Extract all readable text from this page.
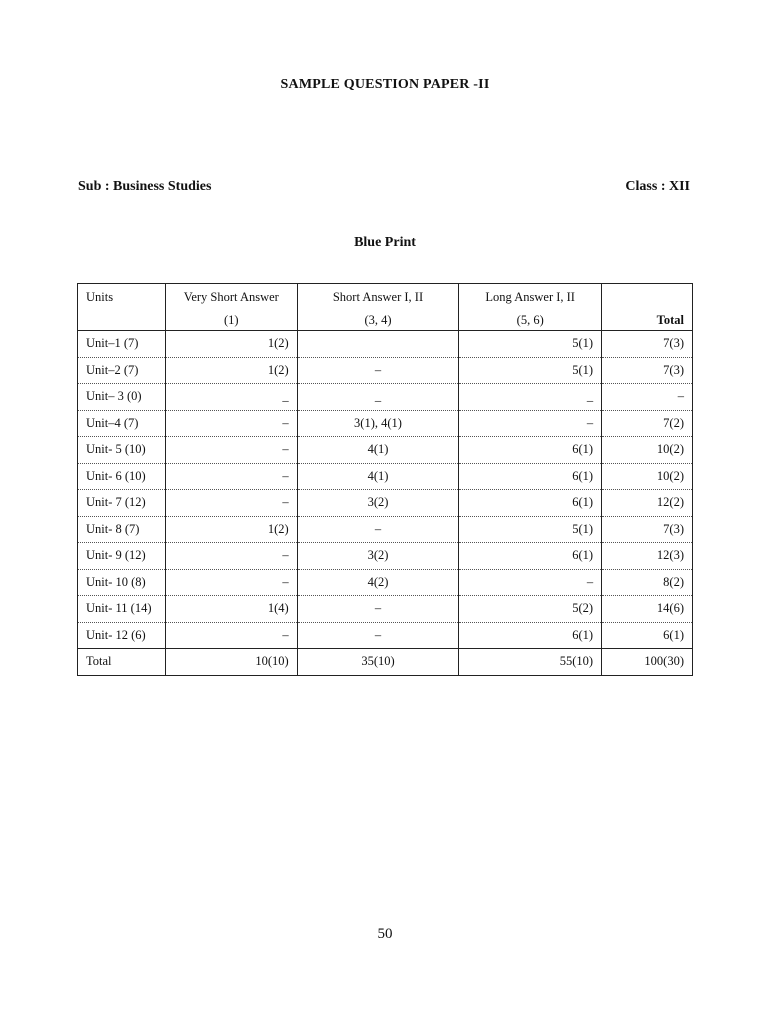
SAMPLE QUESTION PAPER -II
Sub : Business Studies	Class : XII
Blue Print
Units	Very Short Answer	Short Answer I, II	Long Answer I, II	
	(1)	(3, 4)	(5, 6)	Total
Unit–1 (7)	1(2)		5(1)	7(3)
Unit–2 (7)	1(2)	–	5(1)	7(3)
Unit– 3 (0)	_	_	_	–
Unit–4 (7)	–	3(1), 4(1)	–	7(2)
Unit- 5 (10)	–	4(1)	6(1)	10(2)
Unit- 6 (10)	–	4(1)	6(1)	10(2)
Unit- 7 (12)	–	3(2)	6(1)	12(2)
Unit- 8 (7)	1(2)	–	5(1)	7(3)
Unit- 9 (12)	–	3(2)	6(1)	12(3)
Unit- 10 (8)	–	4(2)	–	8(2)
Unit- 11 (14)	1(4)	–	5(2)	14(6)
Unit- 12 (6)	–	–	6(1)	6(1)
Total	10(10)	35(10)	55(10)	100(30)
50
